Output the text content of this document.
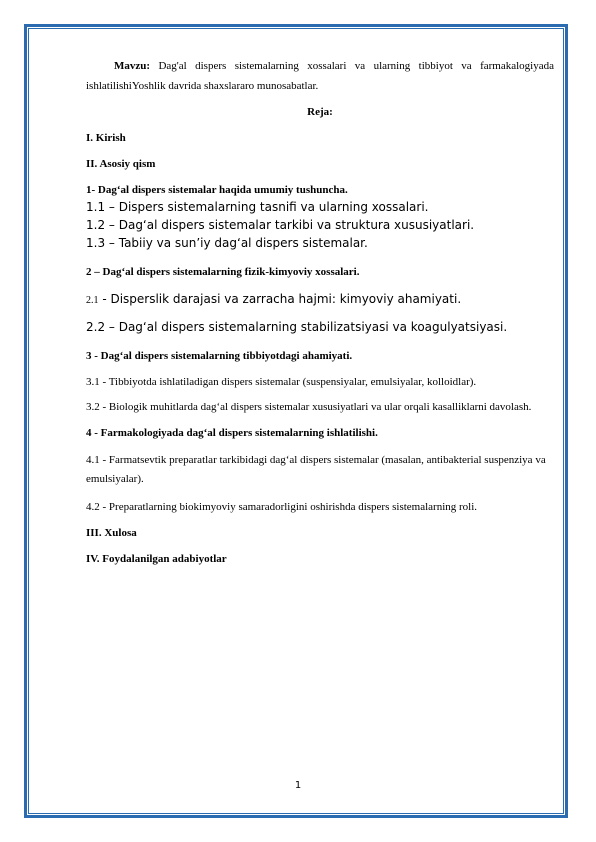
Mavzu: Dag'al dispers sistemalarning xossalari va ularning tibbiyot va farmakalogiyada ishlatilishiYoshlik davrida shaxslararo munosabatlar.

Reja:

I. Kirish

II. Asosiy qism

1- Dag‘al dispers sistemalar haqida umumiy tushuncha.

1.1 – Dispers sistemalarning tasnifi va ularning xossalari.

1.2 – Dag‘al dispers sistemalar tarkibi va struktura xususiyatlari.

1.3 – Tabiiy va sun’iy dag‘al dispers sistemalar.

2 – Dag‘al dispers sistemalarning fizik-kimyoviy xossalari.

2.1 - Disperslik darajasi va zarracha hajmi: kimyoviy ahamiyati.

2.2 – Dag‘al dispers sistemalarning stabilizatsiyasi va koagulyatsiyasi.

3 - Dag‘al dispers sistemalarning tibbiyotdagi ahamiyati.

3.1 - Tibbiyotda ishlatiladigan dispers sistemalar (suspensiyalar, emulsiyalar, kolloidlar).

3.2 - Biologik muhitlarda dag‘al dispers sistemalar xususiyatlari va ular orqali kasalliklarni davolash.

4 - Farmakologiyada dag‘al dispers sistemalarning ishlatilishi.

4.1 - Farmatsevtik preparatlar tarkibidagi dag‘al dispers sistemalar (masalan, antibakterial suspenziya va emulsiyalar).

4.2 - Preparatlarning biokimyoviy samaradorligini oshirishda dispers sistemalarning roli.

III. Xulosa

IV. Foydalanilgan adabiyotlar

1
